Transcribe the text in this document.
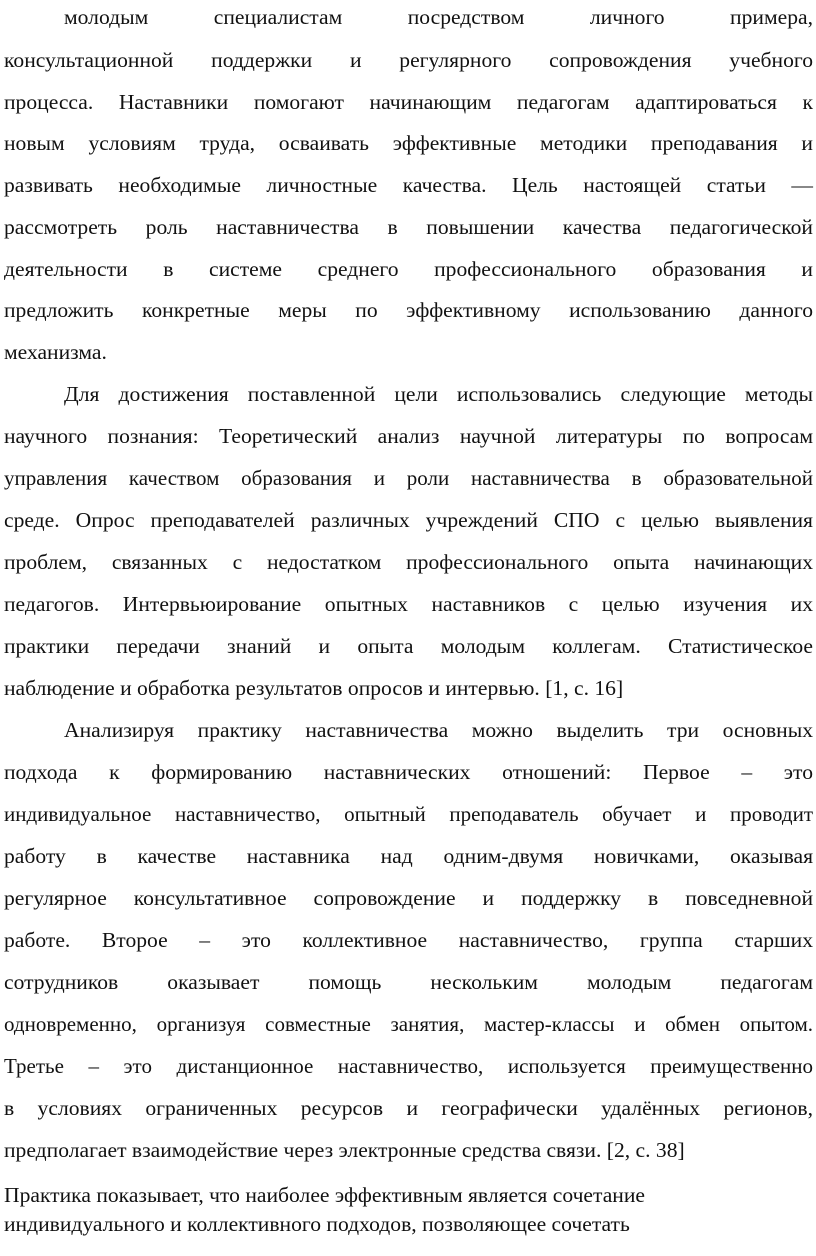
молодым специалистам посредством личного примера,
консультационной поддержки и регулярного сопровождения учебного
процесса. Наставники помогают начинающим педагогам адаптироваться к
новым условиям труда, осваивать эффективные методики преподавания и
развивать необходимые личностные качества. Цель настоящей статьи —
рассмотреть роль наставничества в повышении качества педагогической
деятельности в системе среднего профессионального образования и
предложить конкретные меры по эффективному использованию данного
механизма.
Для достижения поставленной цели использовались следующие методы
научного познания: Теоретический анализ научной литературы по вопросам
управления качеством образования и роли наставничества в образовательной
среде. Опрос преподавателей различных учреждений СПО с целью выявления
проблем, связанных с недостатком профессионального опыта начинающих
педагогов. Интервьюирование опытных наставников с целью изучения их
практики передачи знаний и опыта молодым коллегам. Статистическое
наблюдение и обработка результатов опросов и интервью. [1, с. 16]
Анализируя практику наставничества можно выделить три основных
подхода к формированию наставнических отношений: Первое – это
индивидуальное наставничество, опытный преподаватель обучает и проводит
работу в качестве наставника над одним-двумя новичками, оказывая
регулярное консультативное сопровождение и поддержку в повседневной
работе. Второе – это коллективное наставничество, группа старших
сотрудников оказывает помощь нескольким молодым педагогам
одновременно, организуя совместные занятия, мастер-классы и обмен опытом.
Третье – это дистанционное наставничество, используется преимущественно
в условиях ограниченных ресурсов и географически удалённых регионов,
предполагает взаимодействие через электронные средства связи. [2, с. 38]
Практика показывает, что наиболее эффективным является сочетание
индивидуального и коллективного подходов, позволяющее сочетать
